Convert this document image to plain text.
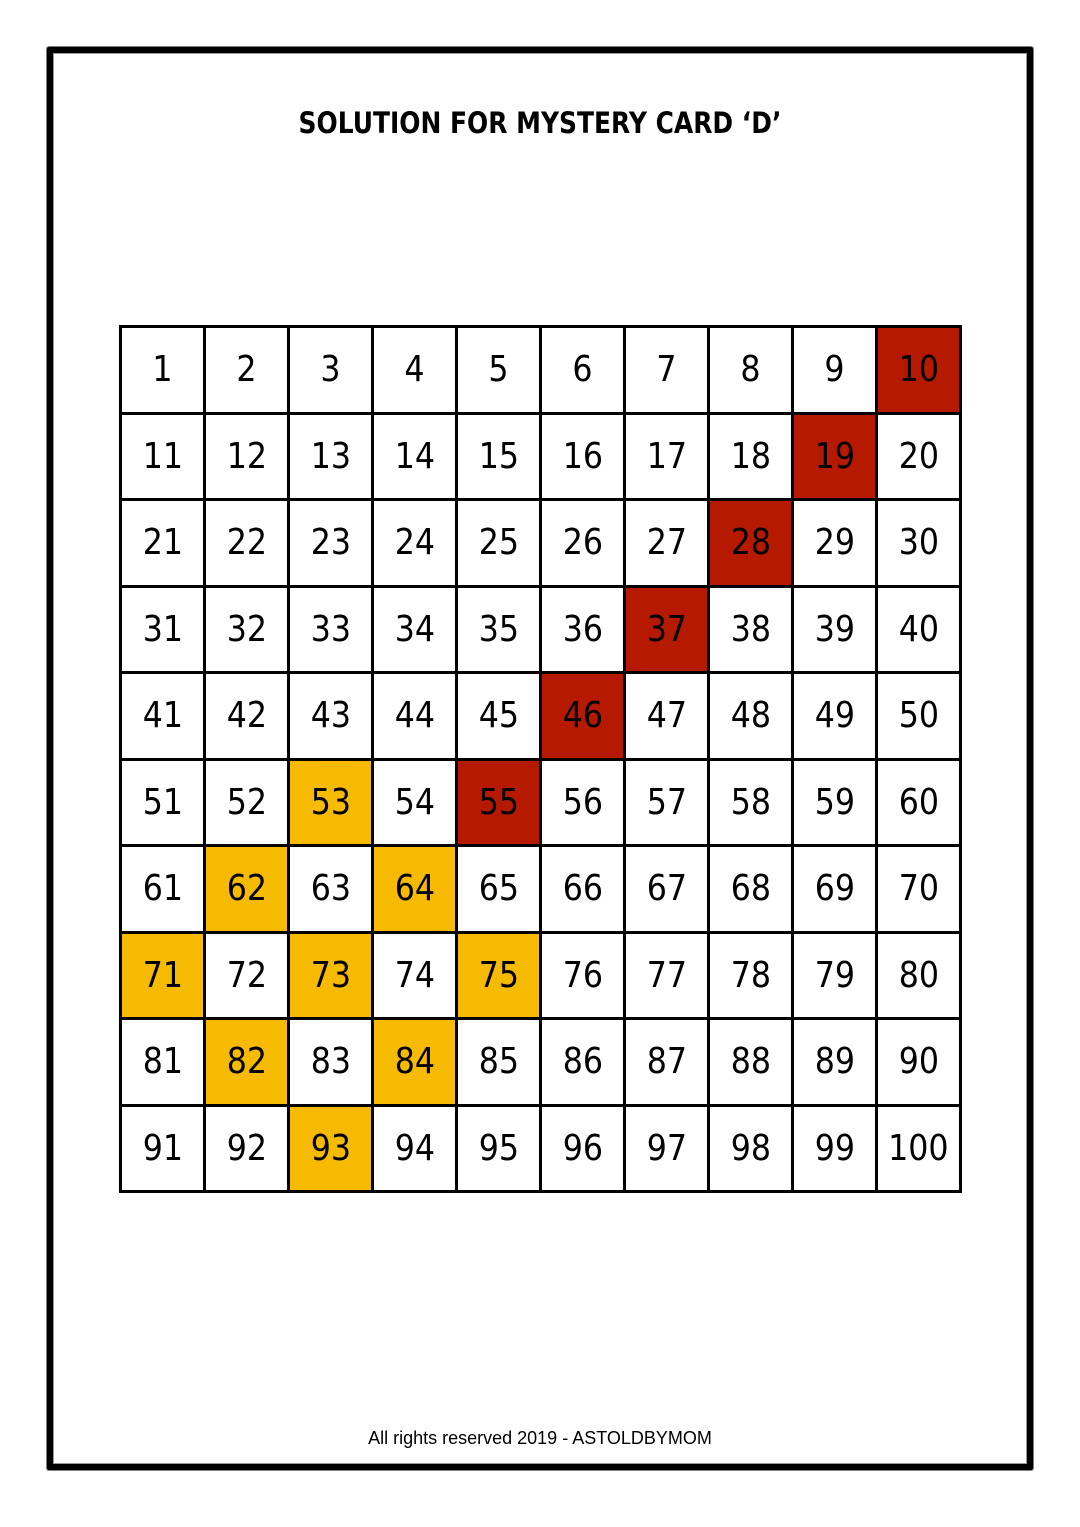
SOLUTION FOR MYSTERY CARD ‘D’
1 2 3 4 5 6 7 8 9 10
11 12 13 14 15 16 17 18 19 20
21 22 23 24 25 26 27 28 29 30
31 32 33 34 35 36 37 38 39 40
41 42 43 44 45 46 47 48 49 50
51 52 53 54 55 56 57 58 59 60
61 62 63 64 65 66 67 68 69 70
71 72 73 74 75 76 77 78 79 80
81 82 83 84 85 86 87 88 89 90
91 92 93 94 95 96 97 98 99 100
All rights reserved 2019 - ASTOLDBYMOM
